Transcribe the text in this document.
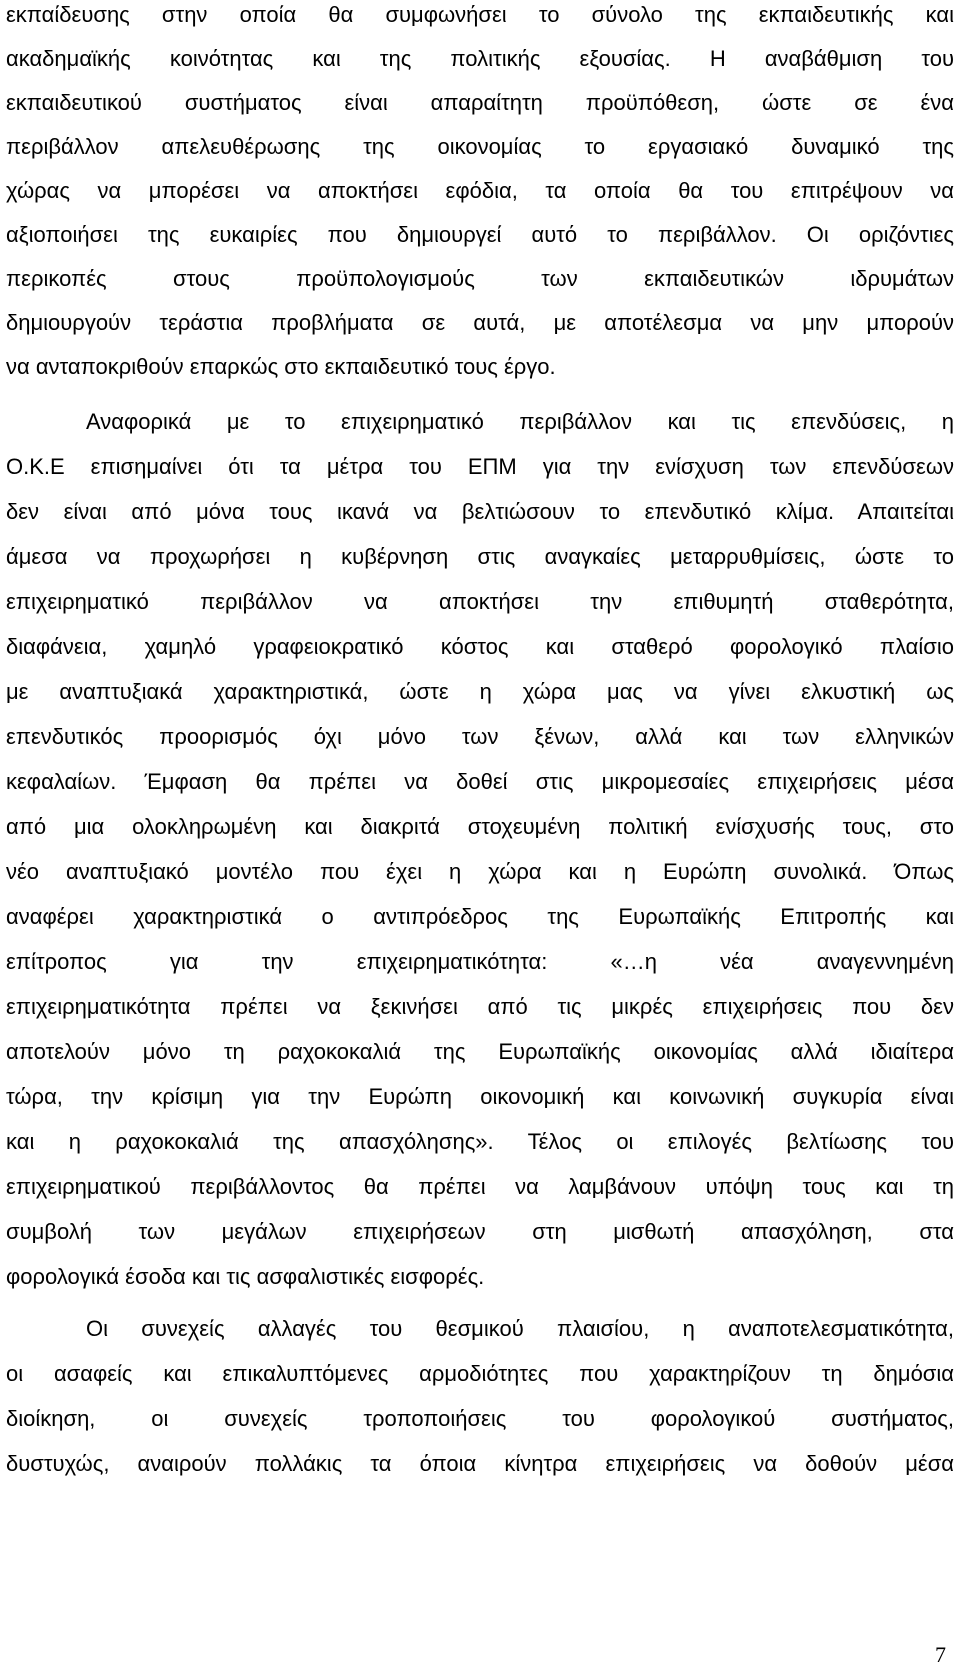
εκπαίδευσης στην οποία θα συμφωνήσει το σύνολο της εκπαιδευτικής και
ακαδημαϊκής κοινότητας και της πολιτικής εξουσίας. Η αναβάθμιση του
εκπαιδευτικού συστήματος είναι απαραίτητη προϋπόθεση, ώστε σε ένα
περιβάλλον απελευθέρωσης της οικονομίας το εργασιακό δυναμικό της
χώρας να μπορέσει να αποκτήσει εφόδια, τα οποία θα του επιτρέψουν να
αξιοποιήσει της ευκαιρίες που δημιουργεί αυτό το περιβάλλον. Οι οριζόντιες
περικοπές στους προϋπολογισμούς των εκπαιδευτικών ιδρυμάτων
δημιουργούν τεράστια προβλήματα σε αυτά, με αποτέλεσμα να μην μπορούν
να ανταποκριθούν επαρκώς στο εκπαιδευτικό τους έργο.
Αναφορικά με το επιχειρηματικό περιβάλλον και τις επενδύσεις, η
Ο.Κ.Ε επισημαίνει ότι τα μέτρα του ΕΠΜ για την ενίσχυση των επενδύσεων
δεν είναι από μόνα τους ικανά να βελτιώσουν το επενδυτικό κλίμα. Απαιτείται
άμεσα να προχωρήσει η κυβέρνηση στις αναγκαίες μεταρρυθμίσεις, ώστε το
επιχειρηματικό περιβάλλον να αποκτήσει την επιθυμητή σταθερότητα,
διαφάνεια, χαμηλό γραφειοκρατικό κόστος και σταθερό φορολογικό πλαίσιο
με αναπτυξιακά χαρακτηριστικά, ώστε η χώρα μας να γίνει ελκυστική ως
επενδυτικός προορισμός όχι μόνο των ξένων, αλλά και των ελληνικών
κεφαλαίων. Έμφαση θα πρέπει να δοθεί στις μικρομεσαίες επιχειρήσεις μέσα
από μια ολοκληρωμένη και διακριτά στοχευμένη πολιτική ενίσχυσής τους, στο
νέο αναπτυξιακό μοντέλο που έχει η χώρα και η Ευρώπη συνολικά. Όπως
αναφέρει χαρακτηριστικά ο αντιπρόεδρος της Ευρωπαϊκής Επιτροπής και
επίτροπος για την επιχειρηματικότητα: «…η νέα αναγεννημένη
επιχειρηματικότητα πρέπει να ξεκινήσει από τις μικρές επιχειρήσεις που δεν
αποτελούν μόνο τη ραχοκοκαλιά της Ευρωπαϊκής οικονομίας αλλά ιδιαίτερα
τώρα, την κρίσιμη για την Ευρώπη οικονομική και κοινωνική συγκυρία είναι
και η ραχοκοκαλιά της απασχόλησης». Τέλος οι επιλογές βελτίωσης του
επιχειρηματικού περιβάλλοντος θα πρέπει να λαμβάνουν υπόψη τους και τη
συμβολή των μεγάλων επιχειρήσεων στη μισθωτή απασχόληση, στα
φορολογικά έσοδα και τις ασφαλιστικές εισφορές.
Οι συνεχείς αλλαγές του θεσμικού πλαισίου, η αναποτελεσματικότητα,
οι ασαφείς και επικαλυπτόμενες αρμοδιότητες που χαρακτηρίζουν τη δημόσια
διοίκηση, οι συνεχείς τροποποιήσεις του φορολογικού συστήματος,
δυστυχώς, αναιρούν πολλάκις τα όποια κίνητρα επιχειρήσεις να δοθούν μέσα
7
